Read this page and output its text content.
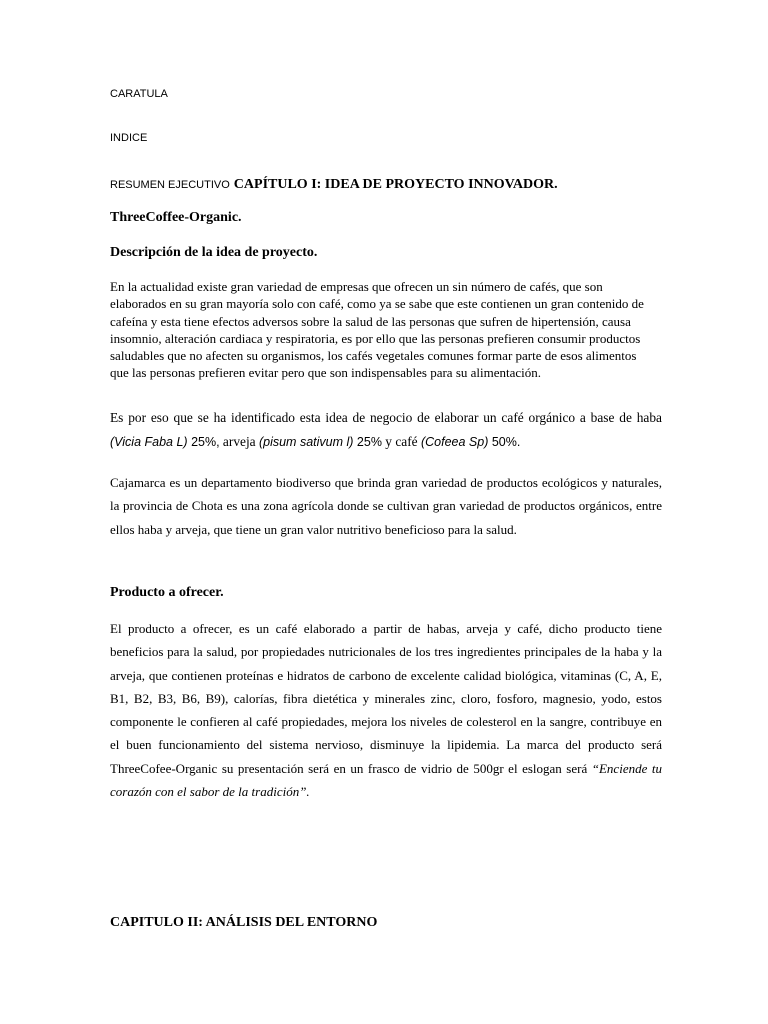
CARATULA
INDICE
RESUMEN EJECUTIVO CAPÍTULO I: IDEA DE PROYECTO INNOVADOR.
ThreeCoffee-Organic.
Descripción de la idea de proyecto.
En la actualidad existe gran variedad de empresas que ofrecen un sin número de cafés, que son elaborados en su gran mayoría solo con café, como ya se sabe que este contienen un gran contenido de cafeína y esta tiene efectos adversos sobre la salud de las personas que sufren de hipertensión, causa insomnio, alteración cardiaca y respiratoria, es por ello que las personas prefieren consumir productos saludables que no afecten su organismos, los cafés vegetales comunes formar parte de esos alimentos que las personas prefieren evitar pero que son indispensables para su alimentación.
Es por eso que se ha identificado esta idea de negocio de elaborar un café orgánico a base de haba (Vicia Faba L) 25%, arveja (pisum sativum l) 25% y café (Cofeea Sp) 50%.
Cajamarca es un departamento biodiverso que brinda gran variedad de productos ecológicos y naturales, la provincia de Chota es una zona agrícola donde se cultivan gran variedad de productos orgánicos, entre ellos haba y arveja, que tiene un gran valor nutritivo beneficioso para la salud.
Producto a ofrecer.
El producto a ofrecer, es un café elaborado a partir de habas, arveja y café, dicho producto tiene beneficios para la salud, por propiedades nutricionales de los tres ingredientes principales de la haba y la arveja, que contienen proteínas e hidratos de carbono de excelente calidad biológica, vitaminas (C, A, E, B1, B2, B3, B6, B9), calorías, fibra dietética y minerales zinc, cloro, fosforo, magnesio, yodo, estos componente le confieren al café propiedades, mejora los niveles de colesterol en la sangre, contribuye en el buen funcionamiento del sistema nervioso, disminuye la lipidemia. La marca del producto será ThreeCofee-Organic su presentación será en un frasco de vidrio de 500gr el eslogan será “Enciende tu corazón con el sabor de la tradición”.
CAPITULO II: ANÁLISIS DEL ENTORNO
